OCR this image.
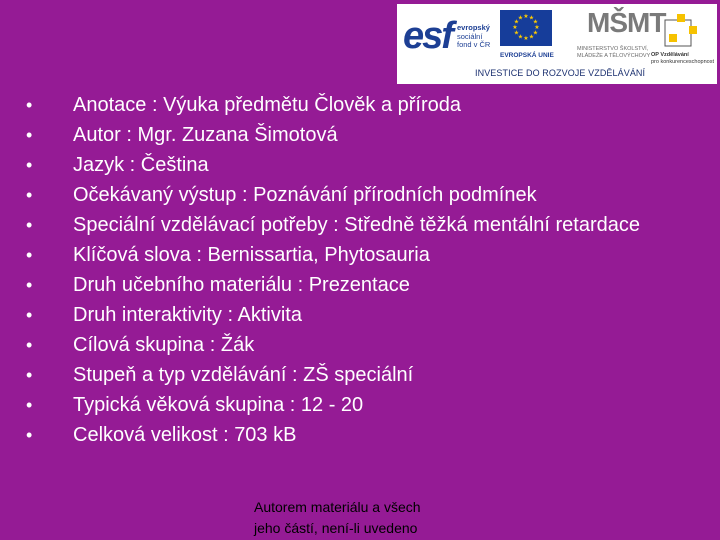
esf evropský
sociální
fond v ČR
★ ★
★
★
★
★
★
★
★
★
★
★
EVROPSKÁ UNIE
MŠMT
MINISTERSTVO ŠKOLSTVÍ,
MLÁDEŽE A TĚLOVÝCHOVY OP Vzdělávání
pro konkurenceschopnost
INVESTICE DO ROZVOJE VZDĚLÁVÁNÍ
• Anotace : Výuka předmětu Člověk a příroda
• Autor : Mgr. Zuzana Šimotová
• Jazyk : Čeština
• Očekávaný výstup : Poznávání přírodních podmínek
• Speciální vzdělávací potřeby : Středně těžká mentální retardace
• Klíčová slova : Bernissartia, Phytosauria
• Druh učebního materiálu : Prezentace
• Druh interaktivity : Aktivita
• Cílová skupina : Žák
• Stupeň a typ vzdělávání : ZŠ speciální
• Typická věková skupina : 12 - 20
• Celková velikost : 703 kB
Autorem materiálu a všech
jeho částí, není-li uvedeno
